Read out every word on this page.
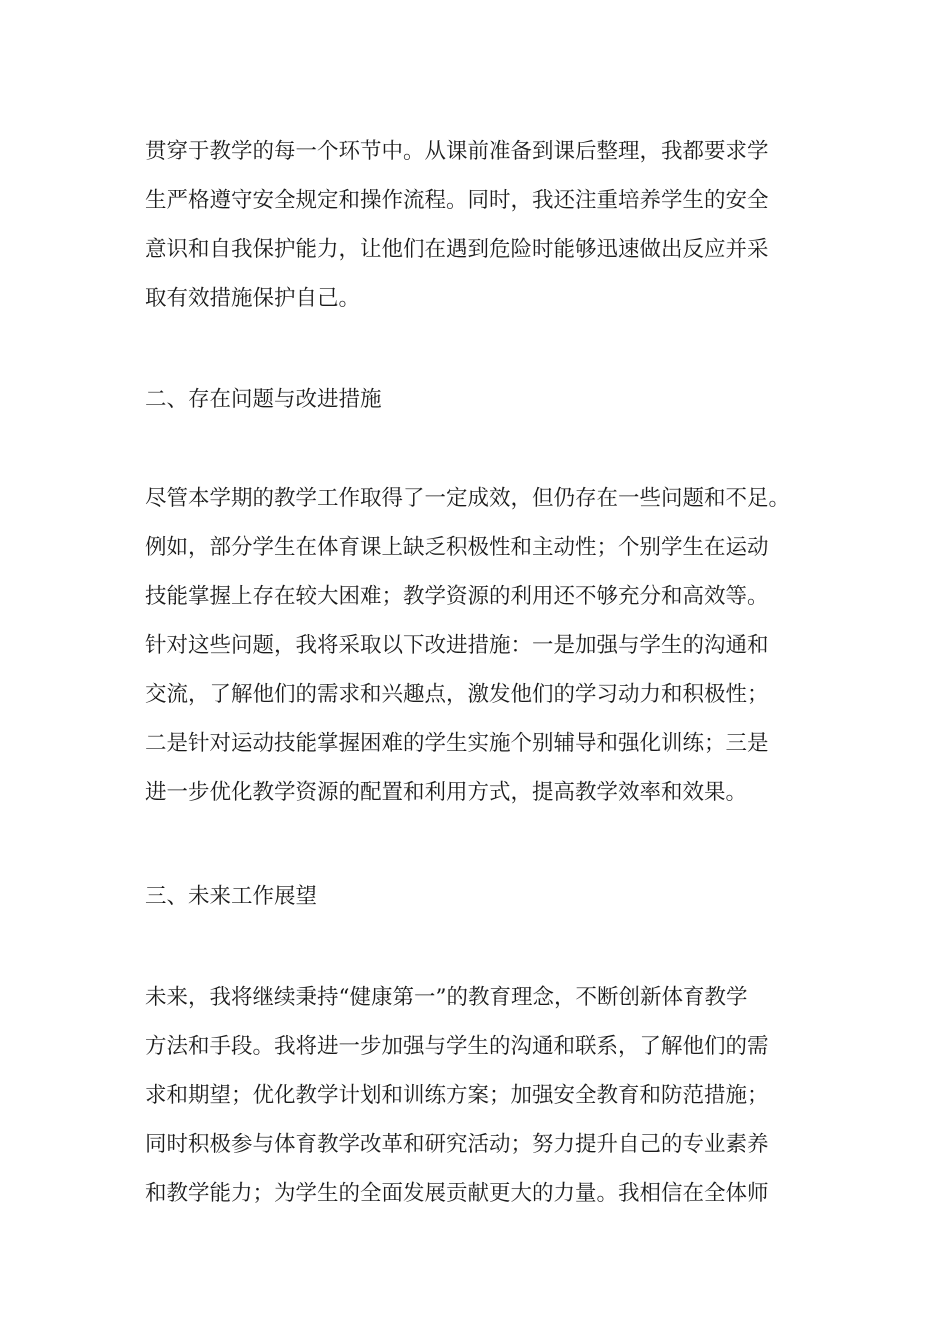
贯穿于教学的每一个环节中。从课前准备到课后整理，我都要求学
生严格遵守安全规定和操作流程。同时，我还注重培养学生的安全
意识和自我保护能力，让他们在遇到危险时能够迅速做出反应并采
取有效措施保护自己。
二、存在问题与改进措施
尽管本学期的教学工作取得了一定成效，但仍存在一些问题和不足。
例如，部分学生在体育课上缺乏积极性和主动性；个别学生在运动
技能掌握上存在较大困难；教学资源的利用还不够充分和高效等。
针对这些问题，我将采取以下改进措施：一是加强与学生的沟通和
交流，了解他们的需求和兴趣点，激发他们的学习动力和积极性；
二是针对运动技能掌握困难的学生实施个别辅导和强化训练；三是
进一步优化教学资源的配置和利用方式，提高教学效率和效果。
三、未来工作展望
未来，我将继续秉持“健康第一”的教育理念，不断创新体育教学
方法和手段。我将进一步加强与学生的沟通和联系，了解他们的需
求和期望；优化教学计划和训练方案；加强安全教育和防范措施；
同时积极参与体育教学改革和研究活动；努力提升自己的专业素养
和教学能力；为学生的全面发展贡献更大的力量。我相信在全体师
